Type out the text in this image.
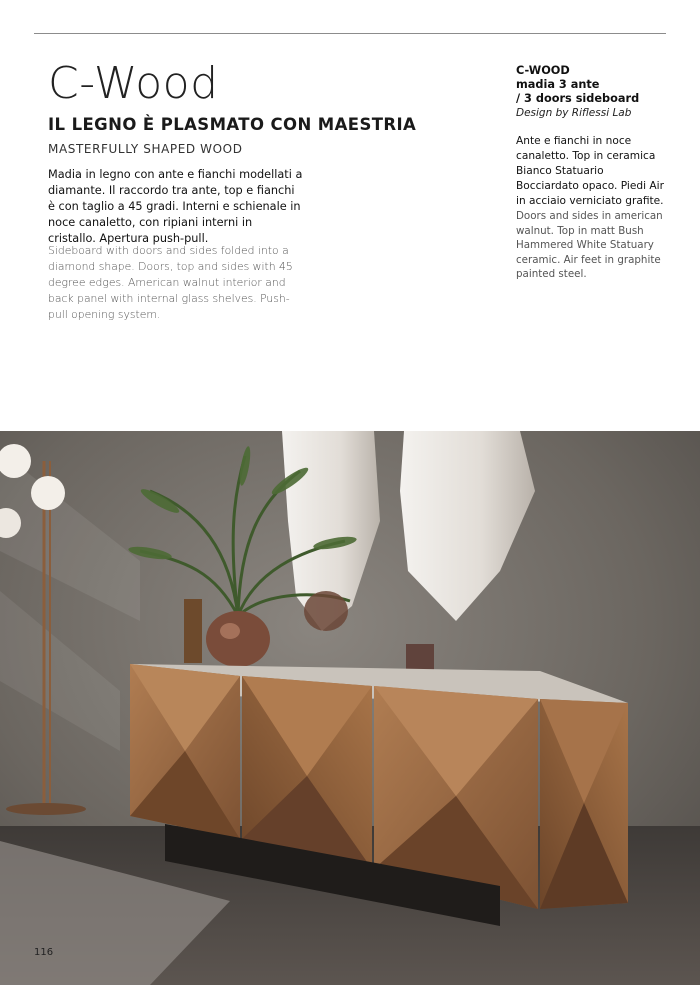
C-Wood
IL LEGNO È PLASMATO CON MAESTRIA
MASTERFULLY SHAPED WOOD
Madia in legno con ante e fianchi modellati a diamante. Il raccordo tra ante, top e fianchi è con taglio a 45 gradi. Interni e schienale in noce canaletto, con ripiani interni in cristallo. Apertura push-pull.
Sideboard with doors and sides folded into a diamond shape. Doors, top and sides with 45 degree edges. American walnut interior and back panel with internal glass shelves. Push-pull opening system.
C-WOOD
madia 3 ante
/ 3 doors sideboard
Design by Riflessi Lab
Ante e fianchi in noce canaletto. Top in ceramica Bianco Statuario Bocciardato opaco. Piedi Air in acciaio verniciato grafite.
Doors and sides in american walnut. Top in matt Bush Hammered White Statuary ceramic. Air feet in graphite painted steel.
116
